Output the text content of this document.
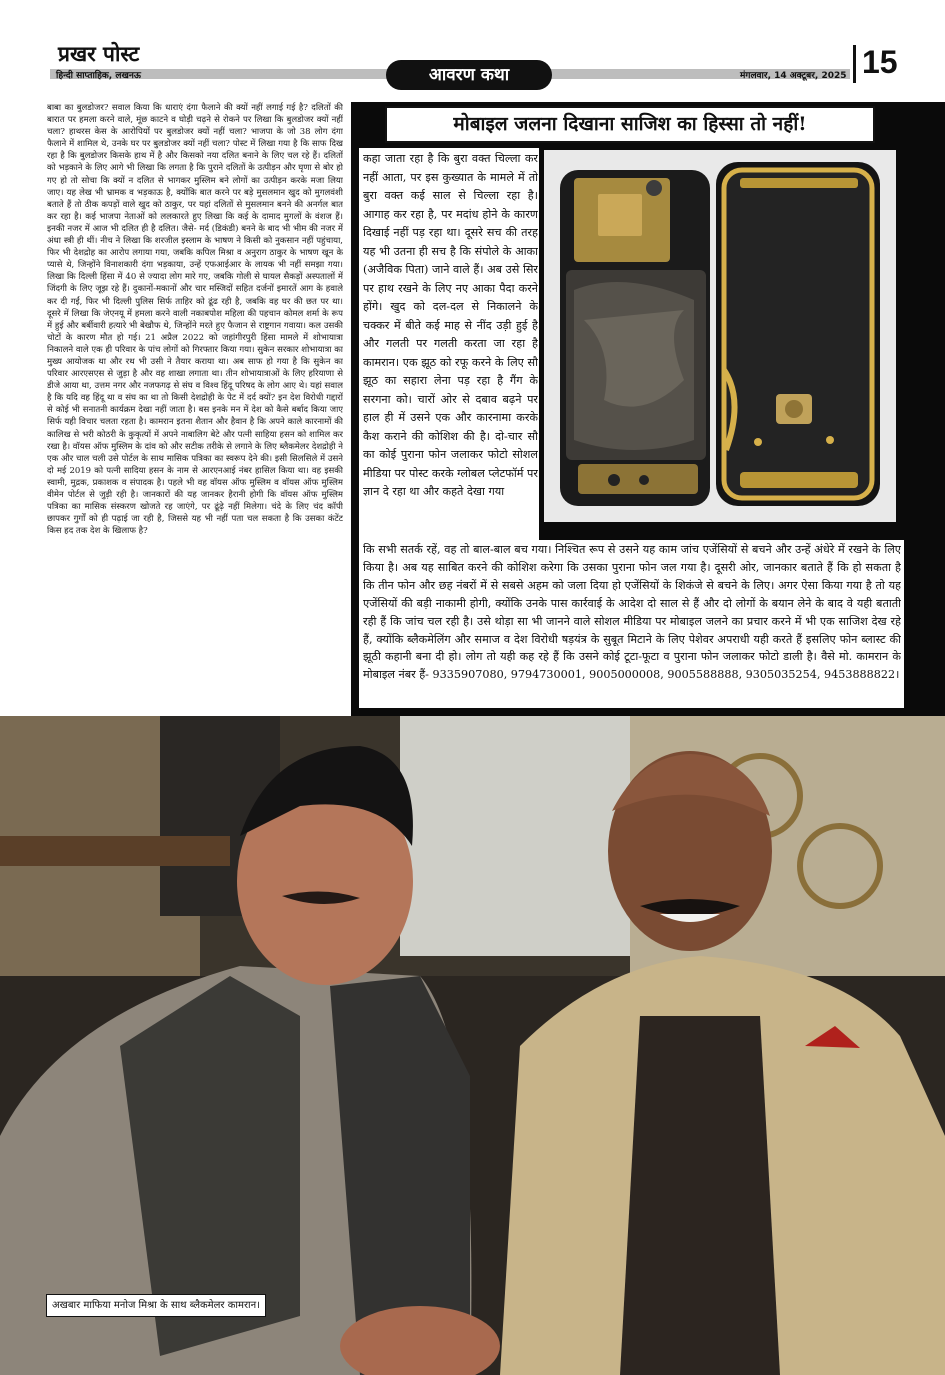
प्रखर पोस्ट
हिन्दी साप्ताहिक, लखनऊ	आवरण कथा	मंगलवार, 14 अक्टूबर, 2025 15
बाबा का बुलडोजर? सवाल किया कि धाराएं दंगा फैलाने की क्यों नहीं लगाई गई है? दलितों की बारात पर हमला करने वाले, मूंछ काटने व घोड़ी चढ़ने से रोकने पर लिखा कि बुलडोजर क्यों नहीं चला? हाथरस केस के आरोपियों पर बुलडोजर क्यों नहीं चला? भाजपा के जो 38 लोग दंगा फैलाने में शामिल थे, उनके घर पर बुलडोजर क्यों नहीं चला? पोस्ट में लिखा गया है कि साफ दिख रहा है कि बुलडोजर किसके हाथ में है और किसको नया दलित बनाने के लिए चल रहे हैं। दलितों को भड़काने के लिए आगे भी लिखा कि लगता है कि पुराने दलितों के उत्पीड़न और घृणा से बोर हो गए हो तो सोचा कि क्यों न दलित से भागकर मुस्लिम बने लोगों का उत्पीड़न करके मजा लिया जाए। यह लेख भी भ्रामक व भड़काऊ है, क्योंकि बात करने पर बड़े मुसलमान खुद को मुगलवंशी बताते हैं तो ठीक कपड़ों वाले खुद को ठाकुर, पर यहां दलितों से मुसलमान बनने की अनर्गल बात कर रहा है। कई भाजपा नेताओं को ललकारते हुए लिखा कि कई के दामाद मुगलों के वंशज हैं। इनकी नजर में आज भी दलित ही है दलित। जैसे- मर्द (डिकंडी) बनने के बाद भी भीम की नजर में अंधा स्त्री ही थीं। नीच ने लिखा कि शरजील इस्लाम के भाषण ने किसी को नुकसान नहीं पहुंचाया, फिर भी देशद्रोह का आरोप लगाया गया, जबकि कपिल मिश्रा व अनुराग ठाकुर के भाषण खून के प्यासे थे, जिन्होंने विनाशकारी दंगा भड़काया, उन्हें एफआईआर के लायक भी नहीं समझा गया। लिखा कि दिल्ली हिंसा में 40 से ज्यादा लोग मारे गए, जबकि गोली से घायल सैकड़ों अस्पतालों में जिंदगी के लिए जूझ रहे हैं। दुकानों-मकानों और चार मस्जिदों सहित दर्जनों इमारतें आग के हवाले कर दी गईं, फिर भी दिल्ली पुलिस सिर्फ ताहिर को ढूंढ रही है, जबकि वह घर की छत पर था। दूसरे में लिखा कि जेएनयू में हमला करने वाली नकाबपोश महिला की पहचान कोमल शर्मा के रूप में हुई और बर्बीवारी हत्यारे भी बेखौफ थे, जिन्होंने मरते हुए फैजान से राष्ट्रगान गवाया। कल उसकी चोटों के कारण मौत हो गई। 21 अप्रैल 2022 को जहांगीरपुरी हिंसा मामले में शोभायात्रा निकालने वाले एक ही परिवार के पांच लोगों को गिरफ्तार किया गया। सुकेन सरकार शोभायात्रा का मुख्य आयोजक था और रथ भी उसी ने तैयार कराया था। अब साफ हो गया है कि सुकेन का परिवार आरएसएस से जुड़ा है और वह शाखा लगाता था। तीन शोभायात्राओं के लिए हरियाणा से डीजे आया था, उत्तम नगर और नजफगढ़ से संघ व विश्व हिंदू परिषद के लोग आए थे। यहां सवाल है कि यदि वह हिंदू था व संघ का था तो किसी देशद्रोही के पेट में दर्द क्यों? इन देश विरोधी गद्दारों से कोई भी सनातनी कार्यक्रम देखा नहीं जाता है। बस इनके मन में देश को कैसे बर्बाद किया जाए सिर्फ यही विचार चलता रहता है। कामरान इतना शैतान और हैवान है कि अपने काले कारनामों की कालिख से भरी कोठरी के कुकृत्यों में अपने नाबालिग बेटे और पत्नी साहिया हसन को शामिल कर रखा है। वॉयस ऑफ मुस्लिम के दांव को और सटीक तरीके से लगाने के लिए ब्लैकमेलर देशद्रोही ने एक और चाल चली उसे पोर्टल के साथ मासिक पत्रिका का स्वरूप देने की। इसी सिलसिले में उसने दो मई 2019 को पत्नी सादिया हसन के नाम से आरएनआई नंबर हासिल किया था। वह इसकी स्वामी, मुद्रक, प्रकाशक व संपादक है। पहले भी वह वॉयस ऑफ मुस्लिम व वॉयस ऑफ मुस्लिम वीमेन पोर्टल से जुड़ी रही है। जानकारों की यह जानकर हैरानी होगी कि वॉयस ऑफ मुस्लिम पत्रिका का मासिक संस्करण खोजते रह जाएंगे, पर ढूंढ़े नहीं मिलेगा। चंदे के लिए चंद कॉपी छापकर गुर्गों को ही पढ़ाई जा रही है, जिससे यह भी नहीं पता चल सकता है कि उसका कंटेंट किस हद तक देश के खिलाफ है?
मोबाइल जलना दिखाना साजिश का हिस्सा तो नहीं!
कहा जाता रहा है कि बुरा वक्त चिल्ला कर नहीं आता, पर इस कुख्यात के मामले में तो बुरा वक्त कई साल से चिल्ला रहा है। आगाह कर रहा है, पर मदांध होने के कारण दिखाई नहीं पड़ रहा था। दूसरे सच की तरह यह भी उतना ही सच है कि संपोले के आका (अजैविक पिता) जाने वाले हैं। अब उसे सिर पर हाथ रखने के लिए नए आका पैदा करने होंगे। खुद को दल-दल से निकालने के चक्कर में बीते कई माह से नींद उड़ी हुई है और गलती पर गलती करता जा रहा है कामरान। एक झूठ को रफू करने के लिए सौ झूठ का सहारा लेना पड़ रहा है गैंग के सरगना को। चारों ओर से दबाव बढ़ने पर हाल ही में उसने एक और कारनामा करके कैश कराने की कोशिश की है। दो-चार सौ का कोई पुराना फोन जलाकर फोटो सोशल मीडिया पर पोस्ट करके ग्लोबल प्लेटफॉर्म पर ज्ञान दे रहा था और कहते देखा गया
कि सभी सतर्क रहें, वह तो बाल-बाल बच गया। निश्चित रूप से उसने यह काम जांच एजेंसियों से बचने और उन्हें अंधेरे में रखने के लिए किया है। अब यह साबित करने की कोशिश करेगा कि उसका पुराना फोन जल गया है। दूसरी ओर, जानकार बताते हैं कि हो सकता है कि तीन फोन और छह नंबरों में से सबसे अहम को जला दिया हो एजेंसियों के शिकंजे से बचने के लिए। अगर ऐसा किया गया है तो यह एजेंसियों की बड़ी नाकामी होगी, क्योंकि उनके पास कार्रवाई के आदेश दो साल से हैं और दो लोगों के बयान लेने के बाद वे यही बताती रही हैं कि जांच चल रही है। उसे थोड़ा सा भी जानने वाले सोशल मीडिया पर मोबाइल जलने का प्रचार करने में भी एक साजिश देख रहे हैं, क्योंकि ब्लैकमेलिंग और समाज व देश विरोधी षड़यंत्र के सुबूत मिटाने के लिए पेशेवर अपराधी यही करते हैं इसलिए फोन ब्लास्ट की झूठी कहानी बना दी हो। लोग तो यही कह रहे हैं कि उसने कोई टूटा-फूटा व पुराना फोन जलाकर फोटो डाली है। वैसे मो. कामरान के मोबाइल नंबर हैं- 9335907080, 9794730001, 9005000008, 9005588888, 9305035254, 9453888822।
अखबार माफिया मनोज मिश्रा के साथ ब्लैकमेलर कामरान।
